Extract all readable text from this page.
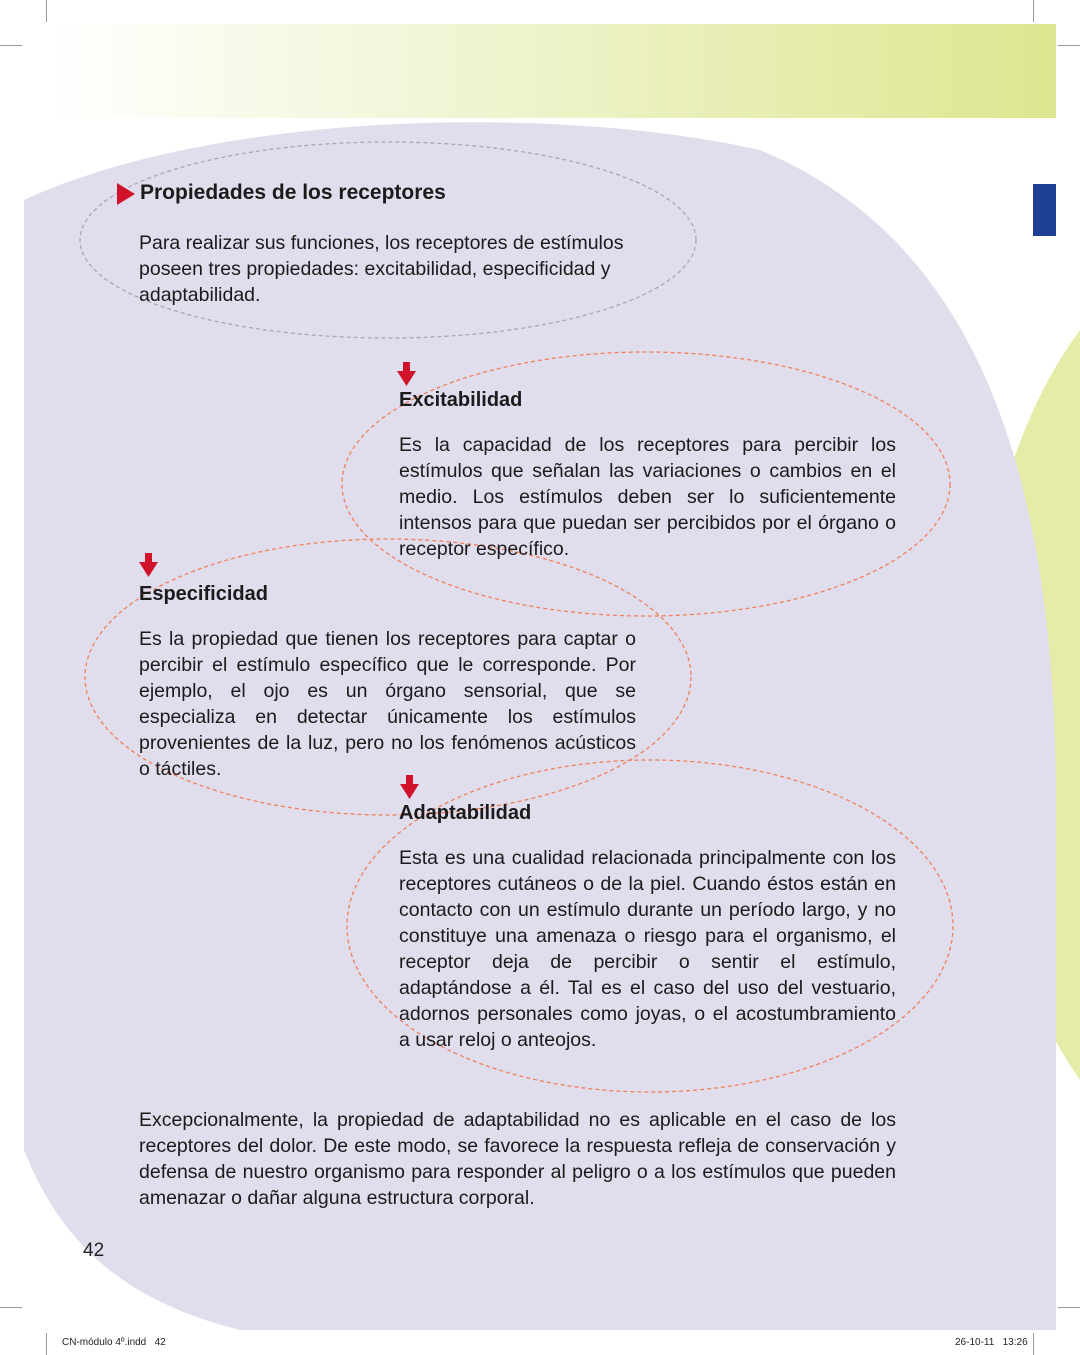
Propiedades de los receptores
Para realizar sus funciones, los receptores de estímulos poseen tres propiedades: excitabilidad, especificidad y adaptabilidad.
Excitabilidad
Es la capacidad de los receptores para percibir los estímulos que señalan las variaciones o cambios en el medio. Los estímulos deben ser lo suficientemente intensos para que puedan ser percibidos por el órgano o receptor específico.
Especificidad
Es la propiedad que tienen los receptores para captar o percibir el estímulo específico que le corresponde. Por ejemplo, el ojo es un órgano sensorial, que se especializa en detectar únicamente los estímulos provenientes de la luz, pero no los fenómenos acústicos o táctiles.
Adaptabilidad
Esta es una cualidad relacionada principalmente con los receptores cutáneos o de la piel. Cuando éstos están en contacto con un estímulo durante un período largo, y no constituye una amenaza o riesgo para el organismo, el receptor deja de percibir o sentir el estímulo, adaptándose a él. Tal es el caso del uso del vestuario, adornos personales como joyas, o el acostumbramiento a usar reloj o anteojos.
Excepcionalmente, la propiedad de adaptabilidad no es aplicable en el caso de los receptores del dolor. De este modo, se favorece la respuesta refleja de conservación y defensa de nuestro organismo para responder al peligro o a los estímulos que pueden amenazar o dañar alguna estructura corporal.
42
CN-módulo 4º.indd   42	26-10-11   13:26
